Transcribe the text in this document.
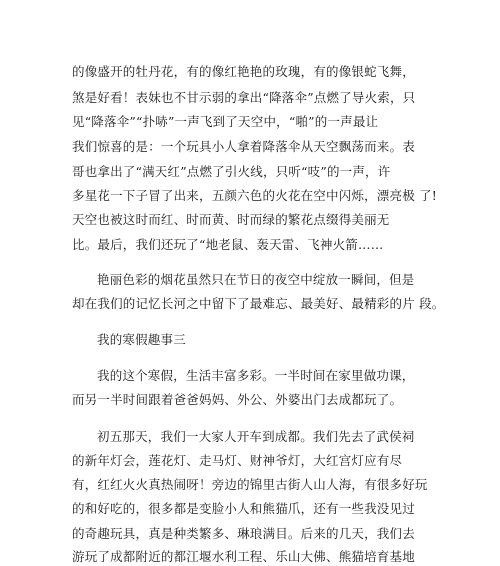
的像盛开的牡丹花，有的像红艳艳的玫瑰，有的像银蛇飞舞，
煞是好看！表妹也不甘示弱的拿出“降落伞”点燃了导火索，只
见“降落伞”“扑哧”一声飞到了天空中，“啪”的一声最让
我们惊喜的是：一个玩具小人拿着降落伞从天空飘荡而来。表
哥也拿出了“满天红”点燃了引火线，只听“吱”的一声，许
多星花一下子冒了出来，五颜六色的火花在空中闪烁，漂亮极 了!
天空也被这时而红、时而黄、时而绿的繁花点缀得美丽无
比。最后，我们还玩了“地老鼠、轰天雷、飞神火箭……
艳丽色彩的烟花虽然只在节日的夜空中绽放一瞬间，但是
却在我们的记忆长河之中留下了最难忘、最美好、最精彩的片 段。
我的寒假趣事三
我的这个寒假，生活丰富多彩。一半时间在家里做功课，
而另一半时间跟着爸爸妈妈、外公、外婆出门去成都玩了。
初五那天，我们一大家人开车到成都。我们先去了武侯祠
的新年灯会，莲花灯、走马灯、财神爷灯，大红宫灯应有尽
有，红红火火真热闹呀！旁边的锦里古街人山人海，有很多好玩
的和好吃的，很多都是变脸小人和熊猫爪，还有一些我没见过
的奇趣玩具，真是种类繁多、琳琅满目。后来的几天，我们去
游玩了成都附近的都江堰水利工程、乐山大佛、熊猫培育基地
